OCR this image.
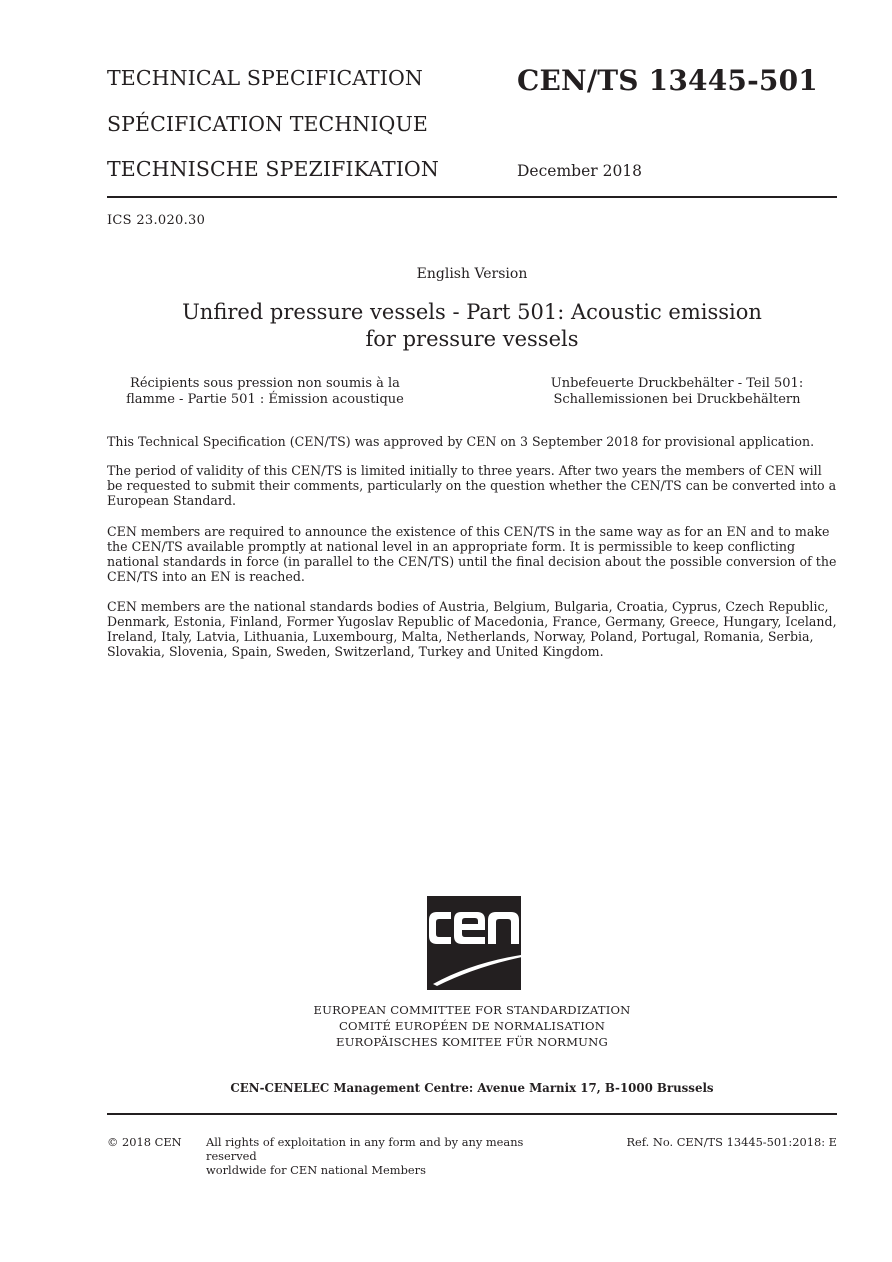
TECHNICAL SPECIFICATION
SPÉCIFICATION TECHNIQUE
TECHNISCHE SPEZIFIKATION
CEN/TS 13445-501
December 2018
ICS 23.020.30
English Version
Unfired pressure vessels - Part 501: Acoustic emission
for pressure vessels
Récipients sous pression non soumis à la
flamme - Partie 501 : Émission acoustique
Unbefeuerte Druckbehälter - Teil 501:
Schallemissionen bei Druckbehältern

This Technical Specification (CEN/TS) was approved by CEN on 3 September 2018 for provisional application.

The period of validity of this CEN/TS is limited initially to three years. After two years the members of CEN will be requested to submit their comments, particularly on the question whether the CEN/TS can be converted into a European Standard.

CEN members are required to announce the existence of this CEN/TS in the same way as for an EN and to make the CEN/TS available promptly at national level in an appropriate form. It is permissible to keep conflicting national standards in force (in parallel to the CEN/TS) until the final decision about the possible conversion of the CEN/TS into an EN is reached.

CEN members are the national standards bodies of Austria, Belgium, Bulgaria, Croatia, Cyprus, Czech Republic, Denmark, Estonia, Finland, Former Yugoslav Republic of Macedonia, France, Germany, Greece, Hungary, Iceland, Ireland, Italy, Latvia, Lithuania, Luxembourg, Malta, Netherlands, Norway, Poland, Portugal, Romania, Serbia, Slovakia, Slovenia, Spain, Sweden, Switzerland, Turkey and United Kingdom.

EUROPEAN COMMITTEE FOR STANDARDIZATION
COMITÉ EUROPÉEN DE NORMALISATION
EUROPÄISCHES KOMITEE FÜR NORMUNG
CEN-CENELEC Management Centre: Avenue Marnix 17, B-1000 Brussels
© 2018 CEN All rights of exploitation in any form and by any means reserved
worldwide for CEN national Members
Ref. No. CEN/TS 13445-501:2018: E
